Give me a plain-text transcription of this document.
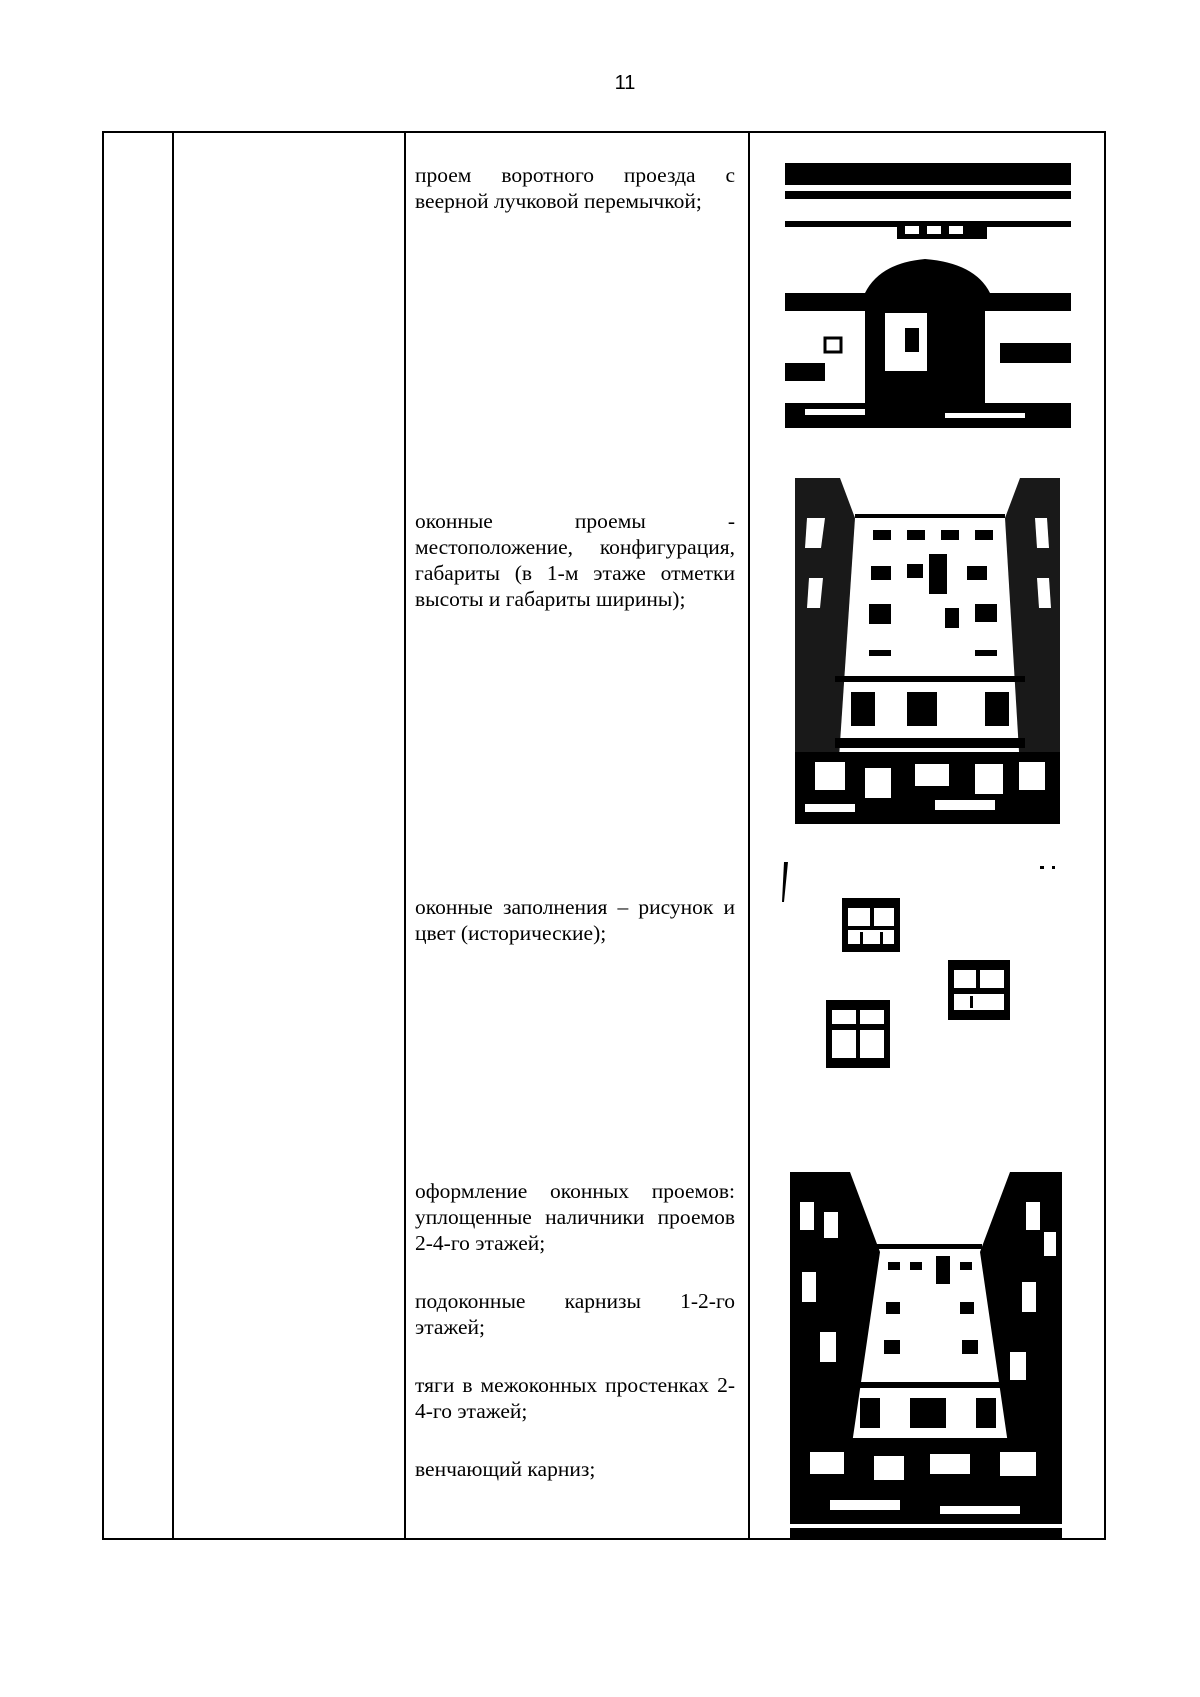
11

проем воротного проезда с веерной лучковой перемычкой;

оконные проемы - местоположение, конфигурация, габариты (в 1-м этаже отметки высоты и габариты ширины);

оконные заполнения – рисунок и цвет (исторические);

оформление оконных проемов: уплощенные наличники проемов 2-4-го этажей;

подоконные карнизы 1-2-го этажей;

тяги в межоконных простенках 2-4-го этажей;

венчающий карниз;
